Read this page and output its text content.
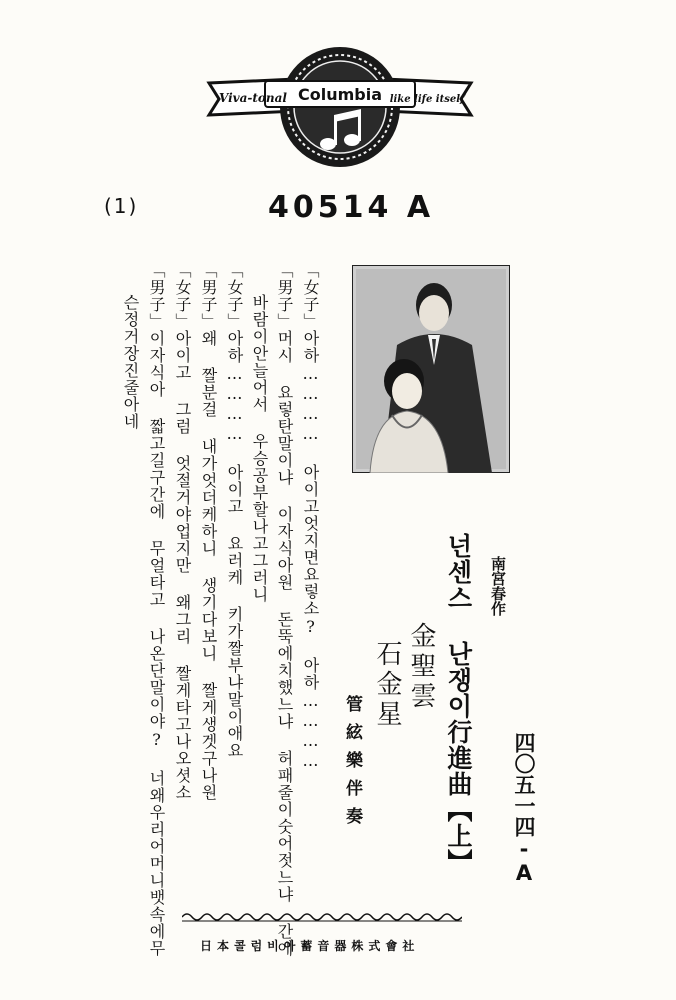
Columbia
Viva-tonal	like life itself
(1)	40514 A
「女子」아하………… 아이고엇지면요렇소? 아하…………
「男子」머시 요렇탄말이냐 이자식아원 돈뚝에치했느냐 허패줄이숫어젓느냐 간에
바람이안늘어서 우승공부할나고그러니
「女子」아하………… 아이고 요러케 키가짤부냐말이애요
「男子」왜 짤분걸 내가엇더케하니 생기다보니 짤게생겟구나원
「女子」아이고 그럼 엇절거야업지만 왜그리 짤게타고나오셧소
「男子」이자식아 짧고길구간에 무얼타고 나온단말이야? 너왜우리어머니뱃속에무
슨정거장진줄아네
四〇五一四-A
南宮春作
넌센스 난쟁이行進曲【上】
金聖雲
石金星
管絃樂伴奏
日本콜럼비아蓄音器株式會社
